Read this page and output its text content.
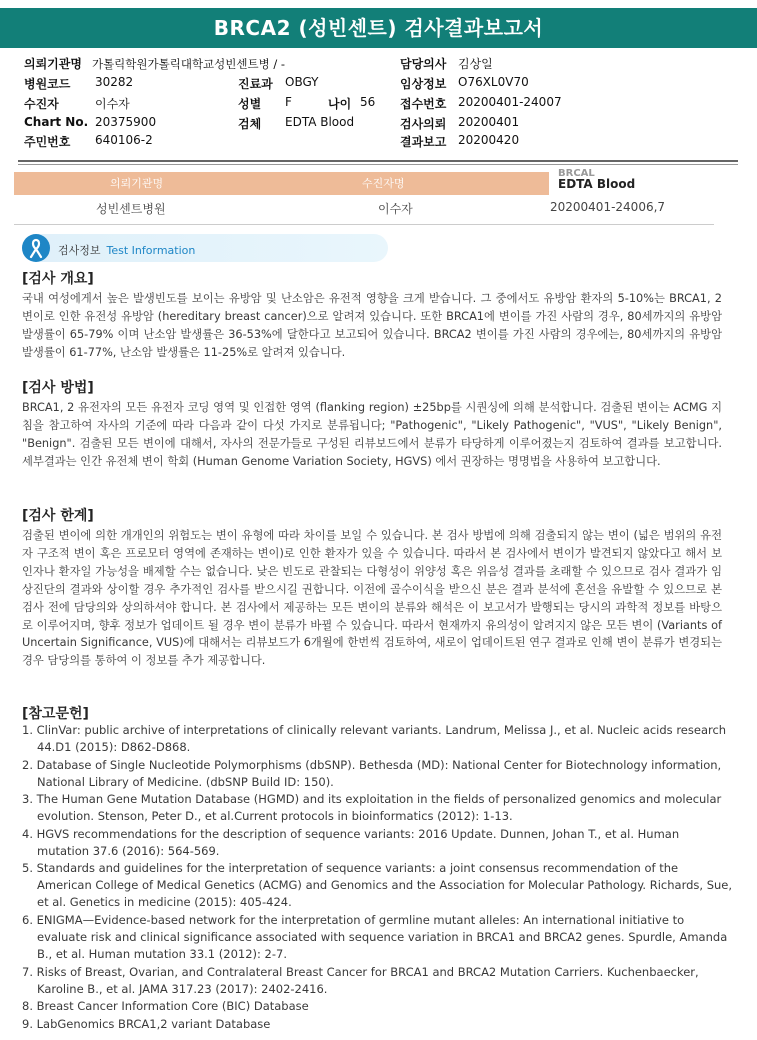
BRCA2 (성빈센트) 검사결과보고서
의뢰기관명 가톨릭학원가톨릭대학교성빈센트병 / -
병원코드 30282
수진자	이수자
Chart No. 20375900
주민번호 640106-2
진료과 OBGY
성별 F	나이 56
검체 EDTA Blood
담당의사 김상일
임상정보 O76XL0V70
접수번호 20200401-24007
검사의뢰 20200401
결과보고 20200420
BRCAL
의뢰기관명	수진자명	EDTA Blood
성빈센트병원	이수자	20200401-24006,7
검사정보 Test Information
[검사 개요]
국내 여성에게서 높은 발생빈도를 보이는 유방암 및 난소암은 유전적 영향을 크게 받습니다. 그 중에서도 유방암 환자의 5-10%는 BRCA1, 2 변이로 인한 유전성 유방암 (hereditary breast cancer)으로 알려져 있습니다. 또한 BRCA1에 변이를 가진 사람의 경우, 80세까지의 유방암 발생률이 65-79% 이며 난소암 발생률은 36-53%에 달한다고 보고되어 있습니다. BRCA2 변이를 가진 사람의 경우에는, 80세까지의 유방암 발생률이 61-77%, 난소암 발생률은 11-25%로 알려져 있습니다.
[검사 방법]
BRCA1, 2 유전자의 모든 유전자 코딩 영역 및 인접한 영역 (flanking region) ±25bp를 시퀀싱에 의해 분석합니다. 검출된 변이는 ACMG 지침을 참고하여 자사의 기준에 따라 다음과 같이 다섯 가지로 분류됩니다; "Pathogenic", "Likely Pathogenic", "VUS", "Likely Benign", "Benign". 검출된 모든 변이에 대해서, 자사의 전문가들로 구성된 리뷰보드에서 분류가 타당하게 이루어졌는지 검토하여 결과를 보고합니다. 세부결과는 인간 유전체 변이 학회 (Human Genome Variation Society, HGVS) 에서 권장하는 명명법을 사용하여 보고합니다.
[검사 한계]
검출된 변이에 의한 개개인의 위험도는 변이 유형에 따라 차이를 보일 수 있습니다. 본 검사 방법에 의해 검출되지 않는 변이 (넓은 범위의 유전자 구조적 변이 혹은 프로모터 영역에 존재하는 변이)로 인한 환자가 있을 수 있습니다. 따라서 본 검사에서 변이가 발견되지 않았다고 해서 보인자나 환자일 가능성을 배제할 수는 없습니다. 낮은 빈도로 관찰되는 다형성이 위양성 혹은 위음성 결과를 초래할 수 있으므로 검사 결과가 임상진단의 결과와 상이할 경우 추가적인 검사를 받으시길 권합니다. 이전에 골수이식을 받으신 분은 결과 분석에 혼선을 유발할 수 있으므로 본 검사 전에 담당의와 상의하셔야 합니다. 본 검사에서 제공하는 모든 변이의 분류와 해석은 이 보고서가 발행되는 당시의 과학적 정보를 바탕으로 이루어지며, 향후 정보가 업데이트 될 경우 변이 분류가 바뀔 수 있습니다. 따라서 현재까지 유의성이 알려지지 않은 모든 변이 (Variants of Uncertain Significance, VUS)에 대해서는 리뷰보드가 6개월에 한번씩 검토하여, 새로이 업데이트된 연구 결과로 인해 변이 분류가 변경되는 경우 담당의를 통하여 이 정보를 추가 제공합니다.
[참고문헌]
1. ClinVar: public archive of interpretations of clinically relevant variants. Landrum, Melissa J., et al. Nucleic acids research 44.D1 (2015): D862-D868.
2. Database of Single Nucleotide Polymorphisms (dbSNP). Bethesda (MD): National Center for Biotechnology information, National Library of Medicine. (dbSNP Build ID: 150).
3. The Human Gene Mutation Database (HGMD) and its exploitation in the fields of personalized genomics and molecular evolution. Stenson, Peter D., et al.Current protocols in bioinformatics (2012): 1-13.
4. HGVS recommendations for the description of sequence variants: 2016 Update. Dunnen, Johan T., et al. Human mutation 37.6 (2016): 564-569.
5. Standards and guidelines for the interpretation of sequence variants: a joint consensus recommendation of the American College of Medical Genetics (ACMG) and Genomics and the Association for Molecular Pathology. Richards, Sue, et al. Genetics in medicine (2015): 405-424.
6. ENIGMA—Evidence-based network for the interpretation of germline mutant alleles: An international initiative to evaluate risk and clinical significance associated with sequence variation in BRCA1 and BRCA2 genes. Spurdle, Amanda B., et al. Human mutation 33.1 (2012): 2-7.
7. Risks of Breast, Ovarian, and Contralateral Breast Cancer for BRCA1 and BRCA2 Mutation Carriers. Kuchenbaecker, Karoline B., et al. JAMA 317.23 (2017): 2402-2416.
8. Breast Cancer Information Core (BIC) Database
9. LabGenomics BRCA1,2 variant Database
